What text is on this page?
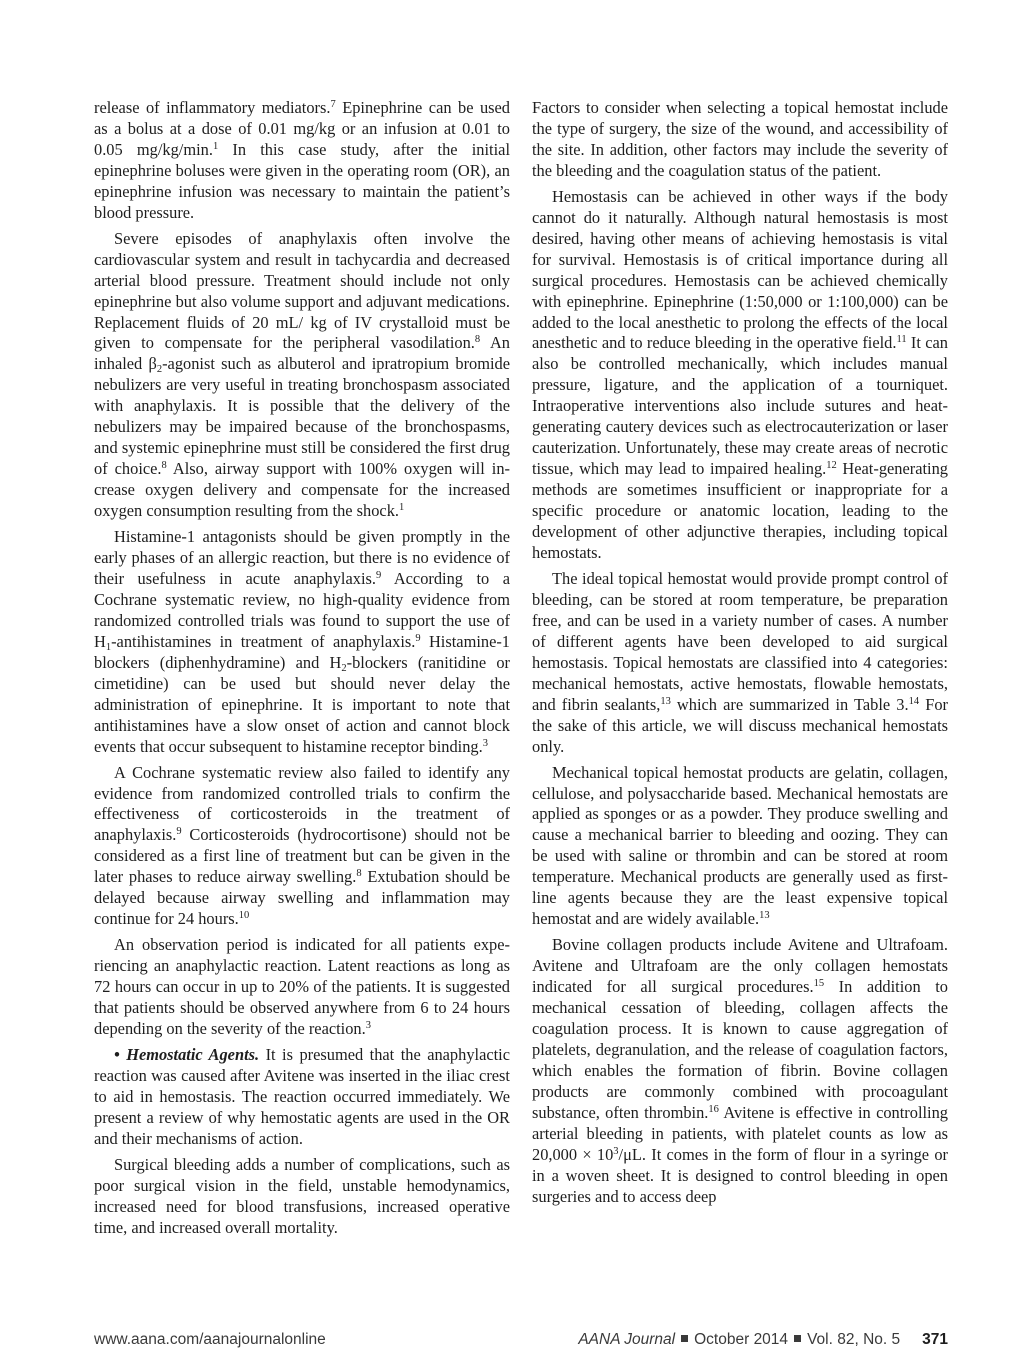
release of inflammatory mediators.$^7$ Epinephrine can be used as a bolus at a dose of 0.01 mg/kg or an infusion at 0.01 to 0.05 mg/kg/min.$^1$ In this case study, after the initial epinephrine boluses were given in the operating room (OR), an epinephrine infusion was necessary to maintain the patient’s blood pressure.

Severe episodes of anaphylaxis often involve the cardiovascular system and result in tachycardia and decreased arterial blood pressure. Treatment should include not only epinephrine but also volume support and adjuvant medications. Replacement fluids of 20 mL/ kg of IV crystalloid must be given to compensate for the peripheral vasodilation.$^8$ An inhaled $\beta_2$-agonist such as albuterol and ipratropium bromide nebulizers are very useful in treating bronchospasm associated with anaphylaxis. It is possible that the delivery of the nebulizers may be impaired because of the bronchospasms, and systemic epinephrine must still be considered the first drug of choice.$^8$ Also, airway support with 100% oxygen will increase oxygen delivery and compensate for the increased oxygen consumption resulting from the shock.$^1$

Histamine-1 antagonists should be given promptly in the early phases of an allergic reaction, but there is no evidence of their usefulness in acute anaphylaxis.$^9$ According to a Cochrane systematic review, no high-quality evidence from randomized controlled trials was found to support the use of $H_1$-antihistamines in treatment of anaphylaxis.$^9$ Histamine-1 blockers (diphenhydramine) and $H_2$-blockers (ranitidine or cimetidine) can be used but should never delay the administration of epinephrine. It is important to note that antihistamines have a slow onset of action and cannot block events that occur subsequent to histamine receptor binding.$^3$

A Cochrane systematic review also failed to identify any evidence from randomized controlled trials to confirm the effectiveness of corticosteroids in the treatment of anaphylaxis.$^9$ Corticosteroids (hydrocortisone) should not be considered as a first line of treatment but can be given in the later phases to reduce airway swelling.$^8$ Extubation should be delayed because airway swelling and inflammation may continue for 24 hours.$^{10}$

An observation period is indicated for all patients experiencing an anaphylactic reaction. Latent reactions as long as 72 hours can occur in up to 20% of the patients. It is suggested that patients should be observed anywhere from 6 to 24 hours depending on the severity of the reaction.$^3$

• Hemostatic Agents. It is presumed that the anaphylactic reaction was caused after Avitene was inserted in the iliac crest to aid in hemostasis. The reaction occurred immediately. We present a review of why hemostatic agents are used in the OR and their mechanisms of action.

Surgical bleeding adds a number of complications, such as poor surgical vision in the field, unstable hemodynamics, increased need for blood transfusions, increased operative time, and increased overall mortality.

Factors to consider when selecting a topical hemostat include the type of surgery, the size of the wound, and accessibility of the site. In addition, other factors may include the severity of the bleeding and the coagulation status of the patient.

Hemostasis can be achieved in other ways if the body cannot do it naturally. Although natural hemostasis is most desired, having other means of achieving hemostasis is vital for survival. Hemostasis is of critical importance during all surgical procedures. Hemostasis can be achieved chemically with epinephrine. Epinephrine (1:50,000 or 1:100,000) can be added to the local anesthetic to prolong the effects of the local anesthetic and to reduce bleeding in the operative field.$^{11}$ It can also be controlled mechanically, which includes manual pressure, ligature, and the application of a tourniquet. Intraoperative interventions also include sutures and heat-generating cautery devices such as electrocauterization or laser cauterization. Unfortunately, these may create areas of necrotic tissue, which may lead to impaired healing.$^{12}$ Heat-generating methods are sometimes insufficient or inappropriate for a specific procedure or anatomic location, leading to the development of other adjunctive therapies, including topical hemostats.

The ideal topical hemostat would provide prompt control of bleeding, can be stored at room temperature, be preparation free, and can be used in a variety number of cases. A number of different agents have been developed to aid surgical hemostasis. Topical hemostats are classified into 4 categories: mechanical hemostats, active hemostats, flowable hemostats, and fibrin sealants,$^{13}$ which are summarized in Table 3.14 For the sake of this article, we will discuss mechanical hemostats only.

Mechanical topical hemostat products are gelatin, collagen, cellulose, and polysaccharide based. Mechanical hemostats are applied as sponges or as a powder. They produce swelling and cause a mechanical barrier to bleeding and oozing. They can be used with saline or thrombin and can be stored at room temperature. Mechanical products are generally used as first-line agents because they are the least expensive topical hemostat and are widely available.$^{13}$

Bovine collagen products include Avitene and Ultrafoam. Avitene and Ultrafoam are the only collagen hemostats indicated for all surgical procedures.$^{15}$ In addition to mechanical cessation of bleeding, collagen affects the coagulation process. It is known to cause aggregation of platelets, degranulation, and the release of coagulation factors, which enables the formation of fibrin. Bovine collagen products are commonly combined with procoagulant substance, often thrombin.$^{16}$ Avitene is effective in controlling arterial bleeding in patients, with platelet counts as low as $20,000 \times 10^3/\mu L$. It comes in the form of flour in a syringe or in a woven sheet. It is designed to control bleeding in open surgeries and to access deep

www.aana.com/aanajournalonline	AANA Journal October 2014 Vol. 82, No. 5 371
